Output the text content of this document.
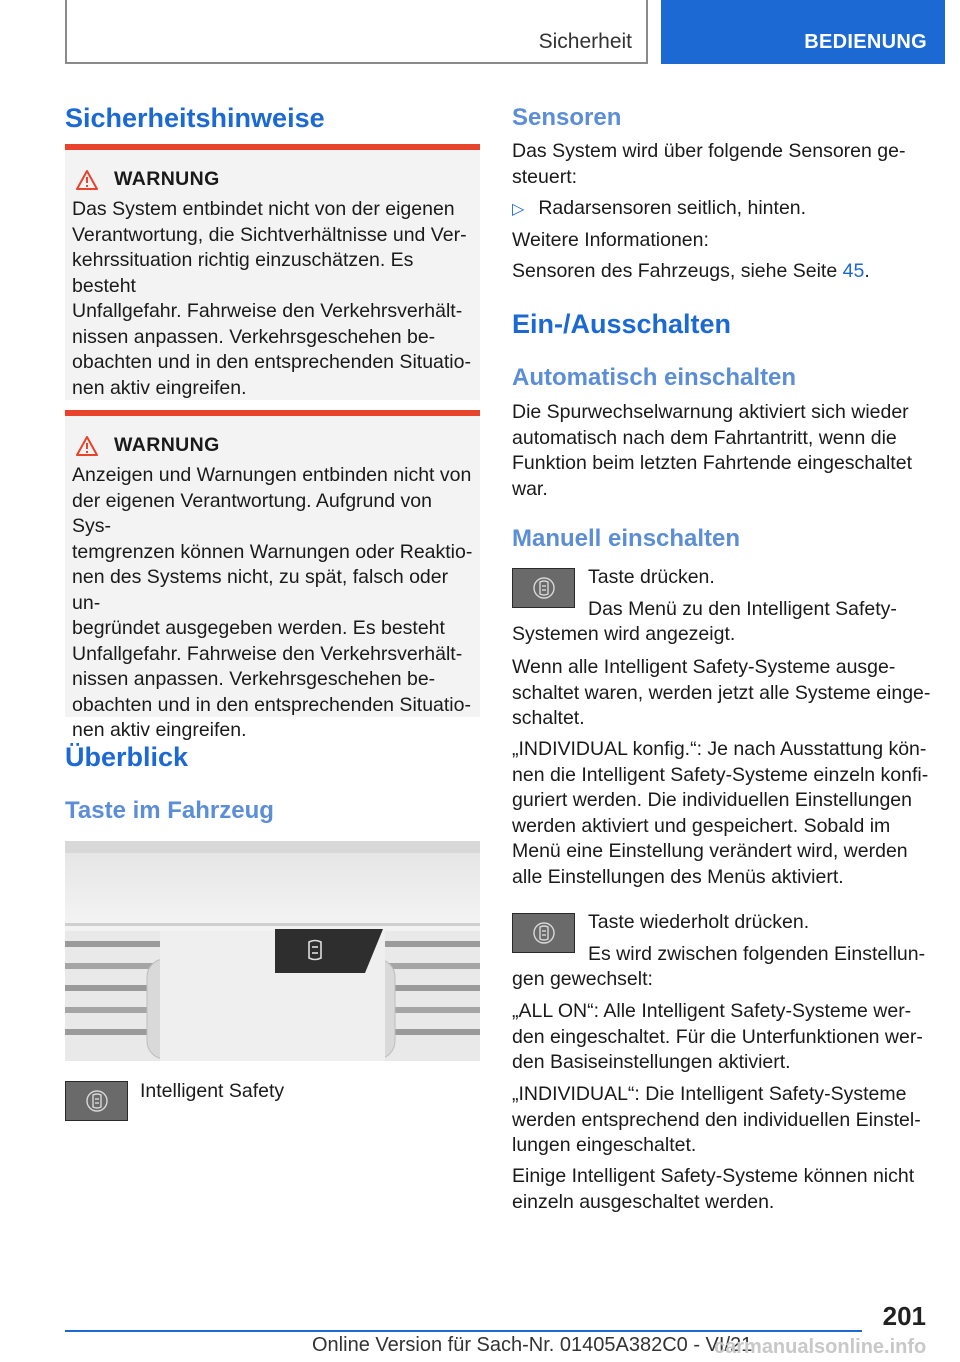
Sicherheit	BEDIENUNG
Sicherheitshinweise
WARNUNG

Das System entbindet nicht von der eigenen
Verantwortung, die Sichtverhältnisse und Ver-
kehrssituation richtig einzuschätzen. Es besteht
Unfallgefahr. Fahrweise den Verkehrsverhält-
nissen anpassen. Verkehrsgeschehen be-
obachten und in den entsprechenden Situatio-
nen aktiv eingreifen.

WARNUNG

Anzeigen und Warnungen entbinden nicht von
der eigenen Verantwortung. Aufgrund von Sys-
temgrenzen können Warnungen oder Reaktio-
nen des Systems nicht, zu spät, falsch oder un-
begründet ausgegeben werden. Es besteht
Unfallgefahr. Fahrweise den Verkehrsverhält-
nissen anpassen. Verkehrsgeschehen be-
obachten und in den entsprechenden Situatio-
nen aktiv eingreifen.

Überblick
Taste im Fahrzeug

Intelligent Safety

Sensoren

Das System wird über folgende Sensoren ge-
steuert:

▷ Radarsensoren seitlich, hinten.

Weitere Informationen:

Sensoren des Fahrzeugs, siehe Seite 45.

Ein-/Ausschalten
Automatisch einschalten

Die Spurwechselwarnung aktiviert sich wieder
automatisch nach dem Fahrtantritt, wenn die
Funktion beim letzten Fahrtende eingeschaltet
war.

Manuell einschalten

Taste drücken.

Das Menü zu den Intelligent Safety-

Systemen wird angezeigt.

Wenn alle Intelligent Safety-Systeme ausge-
schaltet waren, werden jetzt alle Systeme einge-
schaltet.

„INDIVIDUAL konfig.“: Je nach Ausstattung kön-
nen die Intelligent Safety-Systeme einzeln konfi-
guriert werden. Die individuellen Einstellungen
werden aktiviert und gespeichert. Sobald im
Menü eine Einstellung verändert wird, werden
alle Einstellungen des Menüs aktiviert.

Taste wiederholt drücken.

Es wird zwischen folgenden Einstellun-

gen gewechselt:

„ALL ON“: Alle Intelligent Safety-Systeme wer-
den eingeschaltet. Für die Unterfunktionen wer-
den Basiseinstellungen aktiviert.

„INDIVIDUAL“: Die Intelligent Safety-Systeme
werden entsprechend den individuellen Einstel-
lungen eingeschaltet.

Einige Intelligent Safety-Systeme können nicht
einzeln ausgeschaltet werden.

201
Online Version für Sach-Nr. 01405A382C0 - VI/21
carmanualsonline.info
